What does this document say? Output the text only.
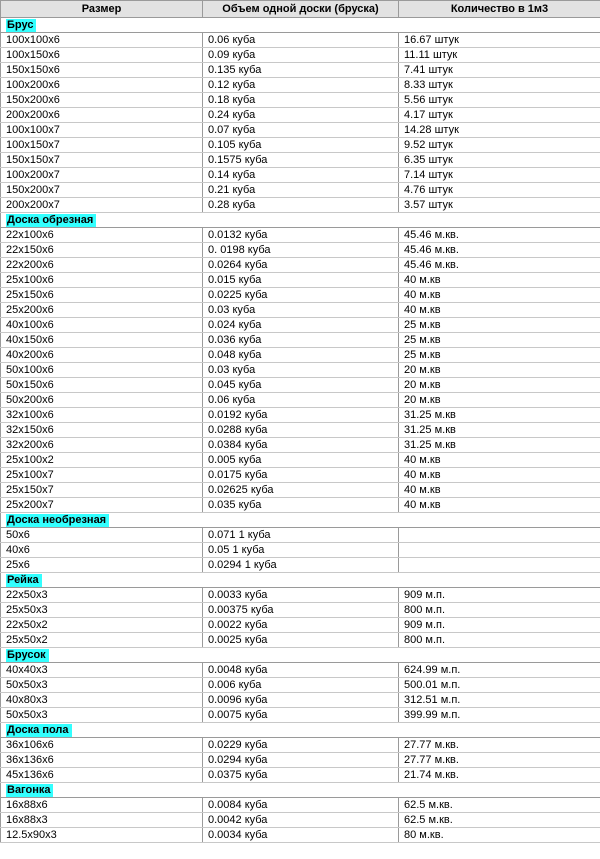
Размер	Объем одной доски (бруска)	Количество в 1м3
Брус		
100х100х6	0.06 куба	16.67 штук
100х150х6	0.09 куба	11.11 штук
150х150х6	0.135 куба	7.41 штук
100х200х6	0.12 куба	8.33 штук
150х200х6	0.18 куба	5.56 штук
200х200х6	0.24 куба	4.17 штук
100х100х7	0.07 куба	14.28 штук
100х150х7	0.105 куба	9.52 штук
150х150х7	0.1575 куба	6.35 штук
100х200х7	0.14 куба	7.14 штук
150х200х7	0.21 куба	4.76 штук
200х200х7	0.28 куба	3.57 штук
Доска обрезная		
22х100х6	0.0132 куба	45.46 м.кв.
22х150х6	0. 0198 куба	45.46 м.кв.
22х200х6	0.0264 куба	45.46 м.кв.
25х100х6	0.015 куба	40 м.кв
25х150х6	0.0225 куба	40 м.кв
25х200х6	0.03 куба	40 м.кв
40х100х6	0.024 куба	25 м.кв
40х150х6	0.036 куба	25 м.кв
40х200х6	0.048 куба	25 м.кв
50х100х6	0.03 куба	20 м.кв
50х150х6	0.045 куба	20 м.кв
50х200х6	0.06 куба	20 м.кв
32х100х6	0.0192 куба	31.25 м.кв
32х150х6	0.0288 куба	31.25 м.кв
32х200х6	0.0384 куба	31.25 м.кв
25х100х2	0.005 куба	40 м.кв
25х100х7	0.0175 куба	40 м.кв
25х150х7	0.02625 куба	40 м.кв
25х200х7	0.035 куба	40 м.кв
Доска необрезная		
50х6	0.071 1 куба	
40х6	0.05 1 куба	
25х6	0.0294 1 куба	
Рейка		
22х50х3	0.0033 куба	909 м.п.
25х50х3	0.00375 куба	800 м.п.
22х50х2	0.0022 куба	909 м.п.
25х50х2	0.0025 куба	800 м.п.
Брусок		
40х40х3	0.0048 куба	624.99 м.п.
50х50х3	0.006 куба	500.01 м.п.
40х80х3	0.0096 куба	312.51 м.п.
50х50х3	0.0075 куба	399.99 м.п.
Доска пола		
36х106х6	0.0229 куба	27.77 м.кв.
36х136х6	0.0294 куба	27.77 м.кв.
45х136х6	0.0375 куба	21.74 м.кв.
Вагонка		
16х88х6	0.0084 куба	62.5 м.кв.
16х88х3	0.0042 куба	62.5 м.кв.
12.5х90х3	0.0034 куба	80 м.кв.
